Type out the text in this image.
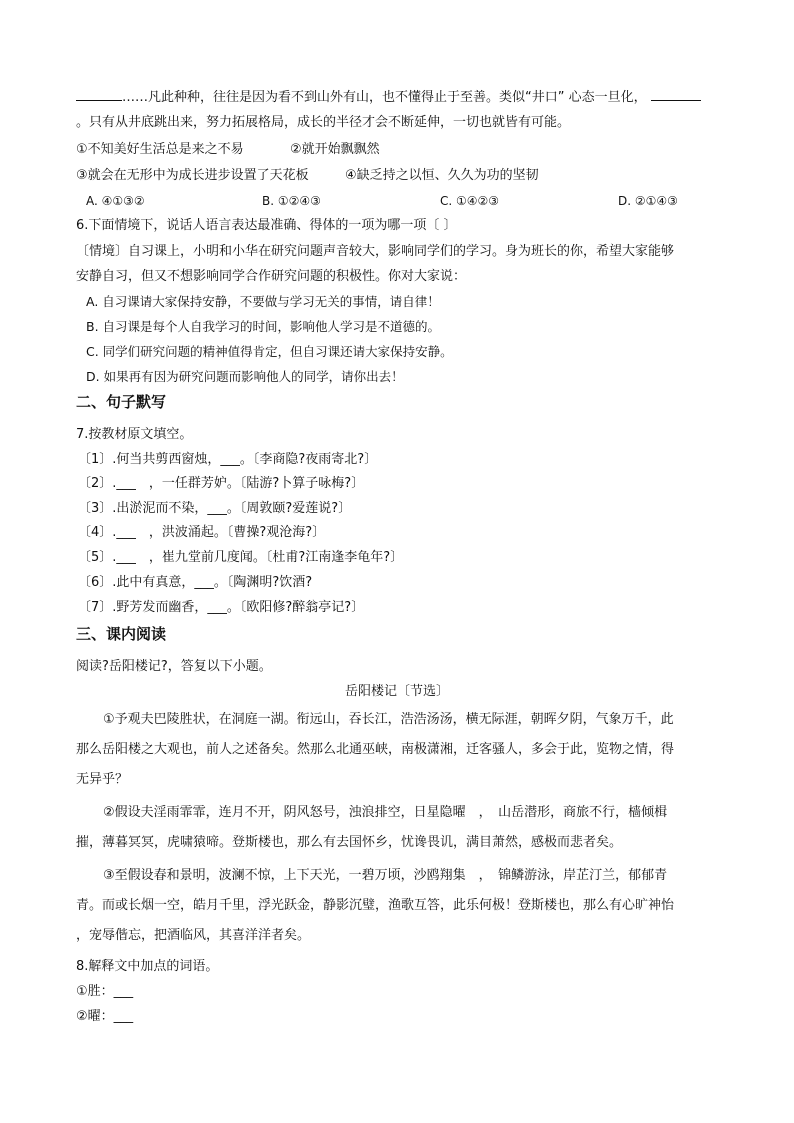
……凡此种种，往往是因为看不到山外有山，也不懂得止于至善。类似“井口” 心态一旦化，
。只有从井底跳出来，努力拓展格局，成长的半径才会不断延伸，一切也就皆有可能。
①不知美好生活总是来之不易	②就开始飘飘然
③就会在无形中为成长进步设置了天花板	④缺乏持之以恒、久久为功的坚韧
A. ④①③②	B. ①②④③	C. ①④②③	D. ②①④③
6.下面情境下，说话人语言表达最准确、得体的一项为哪一项〔 〕
〔情境〕自习课上，小明和小华在研究问题声音较大，影响同学们的学习。身为班长的你，希望大家能够
安静自习，但又不想影响同学合作研究问题的积极性。你对大家说：
A. 自习课请大家保持安静，不要做与学习无关的事情，请自律！
B. 自习课是每个人自我学习的时间，影响他人学习是不道德的。
C. 同学们研究问题的精神值得肯定，但自习课还请大家保持安静。
D. 如果再有因为研究问题而影响他人的同学，请你出去！
二、句子默写
7.按教材原文填空。
〔1〕.何当共剪西窗烛，___。〔李商隐?夜雨寄北?〕
〔2〕.___　，一任群芳妒。〔陆游?卜算子咏梅?〕
〔3〕.出淤泥而不染，___。〔周敦颐?爱莲说?〕
〔4〕.___　，洪波涌起。〔曹操?观沧海?〕
〔5〕.___　，崔九堂前几度闻。〔杜甫?江南逢李龟年?〕
〔6〕.此中有真意，___。〔陶渊明?饮酒?
〔7〕.野芳发而幽香，___。〔欧阳修?醉翁亭记?〕
三、课内阅读
阅读?岳阳楼记?，答复以下小题。
岳阳楼记〔节选〕
①予观夫巴陵胜状，在洞庭一湖。衔远山，吞长江，浩浩汤汤，横无际涯，朝晖夕阴，气象万千，此
那么岳阳楼之大观也，前人之述备矣。然那么北通巫峡，南极潇湘，迁客骚人，多会于此，览物之情，得
无异乎？
②假设夫淫雨霏霏，连月不开，阴风怒号，浊浪排空，日星隐曜　，　山岳潜形，商旅不行，樯倾楫
摧，薄暮冥冥，虎啸猿啼。登斯楼也，那么有去国怀乡，忧谗畏讥，满目萧然，感极而悲者矣。
③至假设春和景明，波澜不惊，上下天光，一碧万顷，沙鸥翔集　，　锦鳞游泳，岸芷汀兰，郁郁青
青。而或长烟一空，皓月千里，浮光跃金，静影沉璧，渔歌互答，此乐何极！登斯楼也，那么有心旷神怡
，宠辱偕忘，把酒临风，其喜洋洋者矣。
8.解释文中加点的词语。
①胜：___
②曜：___
